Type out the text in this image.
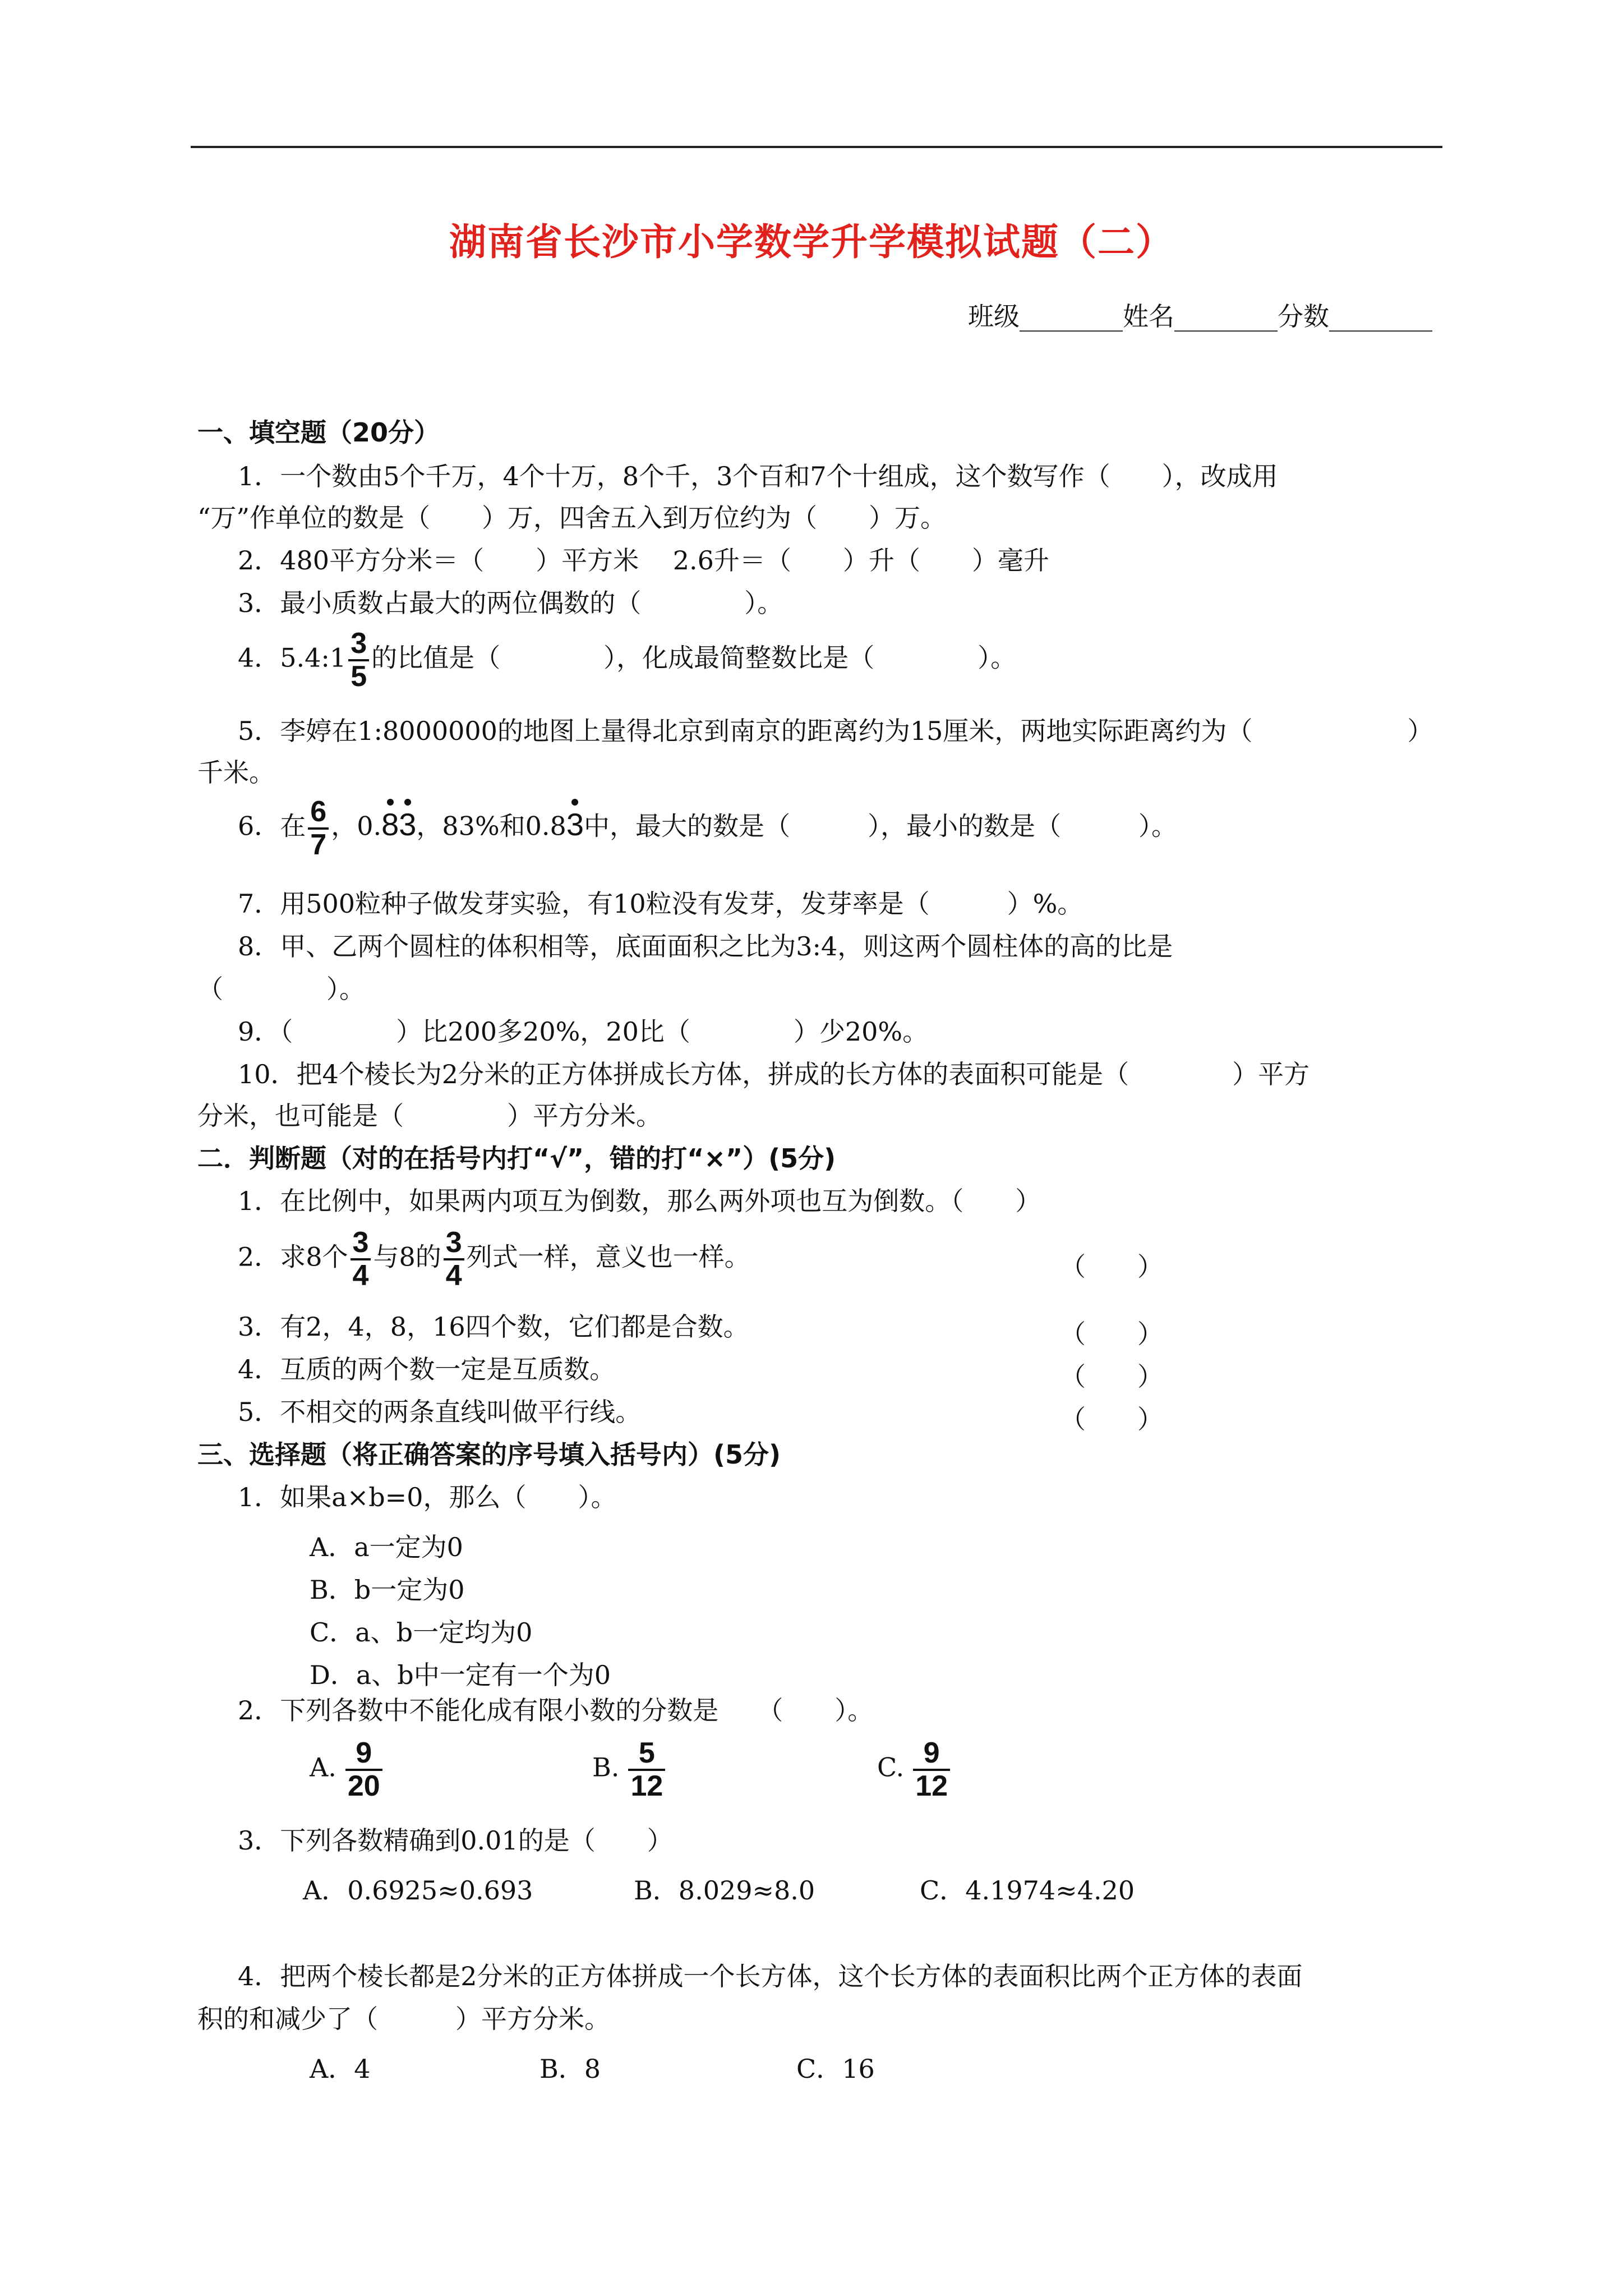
湖南省长沙市小学数学升学模拟试题（二）
班级________姓名________分数________
一、填空题（20分）
1．一个数由5个千万，4个十万，8个千，3个百和7个十组成，这个数写作（　　），改成用
“万”作单位的数是（　　）万，四舍五入到万位约为（　　）万。
2．480平方分米＝（　　）平方米　 2.6升＝（　　）升（　　）毫升
3．最小质数占最大的两位偶数的（　　　　）。
4．5.4:1 $\frac{3}{5}$ 的比值是（　　　　），化成最简整数比是（　　　　）。
5．李婷在1:8000000的地图上量得北京到南京的距离约为15厘米，两地实际距离约为（　　　　　　）
千米。
6．在 $\frac{6}{7}$ ，0.
8
3，83%和0.8
3中，最大的数是（　　　），最小的数是（　　　）。
7．用500粒种子做发芽实验，有10粒没有发芽，发芽率是（　　　）%。
8．甲、乙两个圆柱的体积相等，底面面积之比为3:4，则这两个圆柱体的高的比是
（　　　　）。
9．（　　　　）比200多20%，20比（　　　　）少20%。
10．把4个棱长为2分米的正方体拼成长方体，拼成的长方体的表面积可能是（　　　　）平方
分米，也可能是（　　　　）平方分米。
二．判断题（对的在括号内打“√”，错的打“×”）(5分)
1．在比例中，如果两内项互为倒数，那么两外项也互为倒数。（　　）
2．求8个 $\frac{3}{4}$ 与8的 $\frac{3}{4}$ 列式一样，意义也一样。	（　　）
3．有2，4，8，16四个数，它们都是合数。	（　　）
4．互质的两个数一定是互质数。	（　　）
5．不相交的两条直线叫做平行线。	（　　）
三、选择题（将正确答案的序号填入括号内）(5分)
1．如果a×b=0，那么（　　）。
A．a一定为0
B．b一定为0
C．a、b一定均为0
D．a、b中一定有一个为0
2．下列各数中不能化成有限小数的分数是　　（　　）。
A. $\frac{9}{20}$	B. $\frac{5}{12}$	C. $\frac{9}{12}$
3．下列各数精确到0.01的是（　　）
A．0.6925≈0.693	B．8.029≈8.0	C．4.1974≈4.20
4．把两个棱长都是2分米的正方体拼成一个长方体，这个长方体的表面积比两个正方体的表面
积的和减少了（　　　）平方分米。
A．4	B．8	C．16
